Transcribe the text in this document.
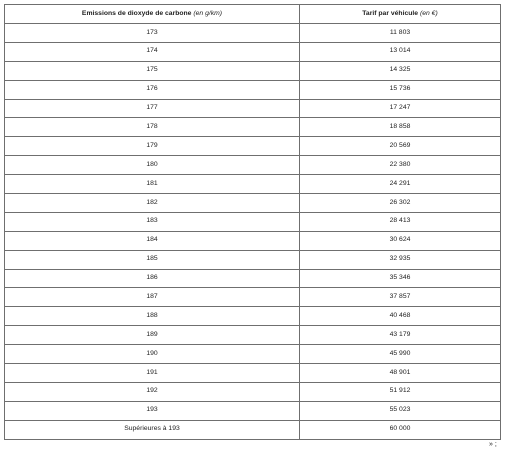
Emissions de dioxyde de carbone (en g/km)	Tarif par véhicule (en €)
173	11 803
174	13 014
175	14 325
176	15 736
177	17 247
178	18 858
179	20 569
180	22 380
181	24 291
182	26 302
183	28 413
184	30 624
185	32 935
186	35 346
187	37 857
188	40 468
189	43 179
190	45 990
191	48 901
192	51 912
193	55 023
Supérieures à 193	60 000
» ;
